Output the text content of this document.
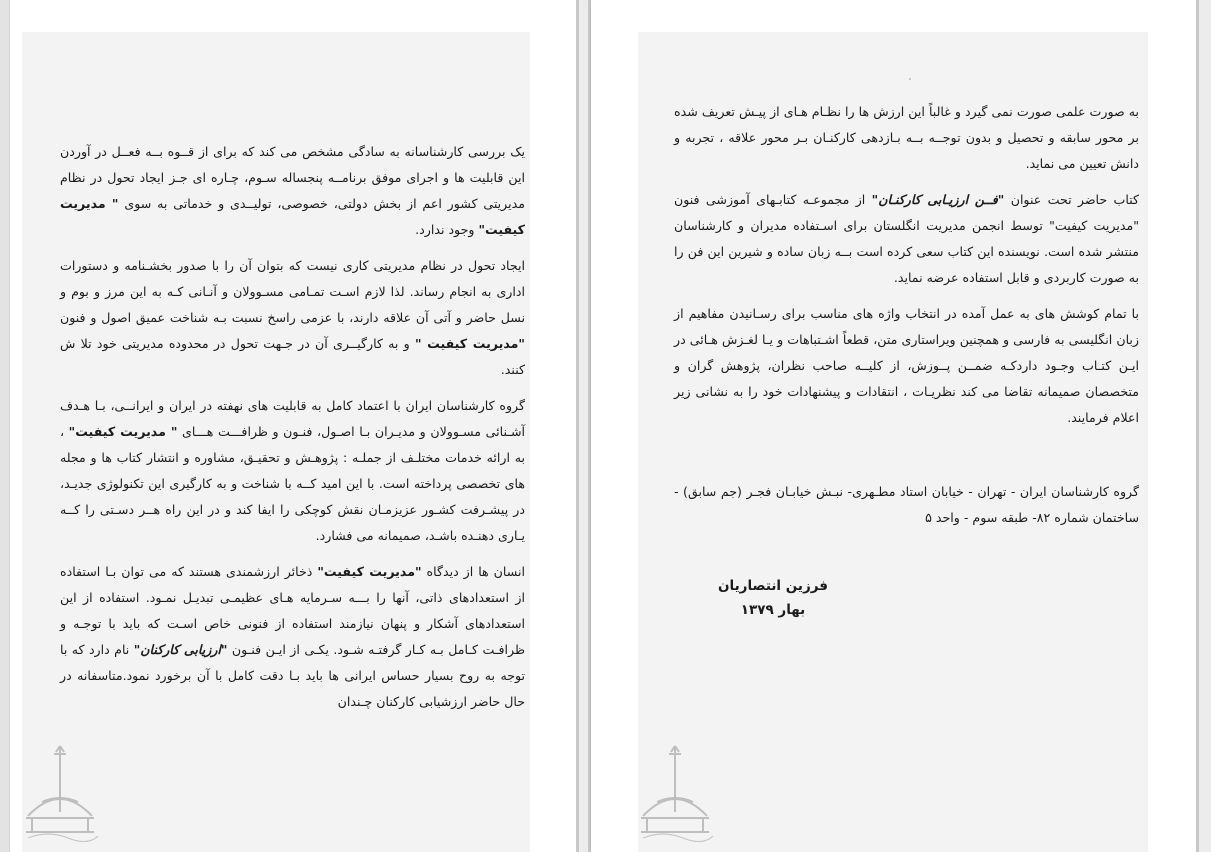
یک بررسی کارشناسانه به سادگی مشخص می کند که برای از قــوه بــه فعــل در آوردن این قابلیت ها و اجرای موفق برنامــه پنجساله سـوم، چـاره ای جـز ایجاد تحول در نظام مدیریتی کشور اعم از بخش دولتی، خصوصی، تولیــدی و خدماتی به سوی " مدیریت کیفیت" وجود ندارد.

ایجاد تحول در نظام مدیریتی کاری نیست که بتوان آن را با صدور بخشـنامه و دستورات اداری به انجام رساند. لذا لازم اسـت تمـامی مسـوولان و آنـانی کـه به این مرز و بوم و نسل حاضر و آتی آن علاقه دارند، با عزمی راسخ نسبت بـه شناخت عمیق اصول و فنون "مدیریت کیفیت " و به کارگیــری آن در جـهت تحول در محدوده مدیریتی خود تلا ش کنند.

گروه کارشناسان ایران با اعتماد کامل به قابلیت های نهفته در ایران و ایرانــی، بـا هـدف آشـنائی مسـوولان و مدیـران بـا اصـول، فنـون و ظرافـــت هـــای " مدیریت کیفیت" ، به ارائه خدمات مختلـف از جملـه : پژوهـش و تحقیـق، مشاوره و انتشار کتاب ها و مجله های تخصصی پرداخته است. با این امید کــه با شناخت و به کارگیری این تکنولوژی جدیـد، در پیشـرفت کشـور عزیزمـان نقش کوچکی را ایفا کند و در این راه هــر دسـتی را کــه یـاری دهنـده باشـد، صمیمانه می فشارد.

انسان ها از دیدگاه "مدیریت کیفیت" ذخائر ارزشمندی هستند که می توان بـا استفاده از استعدادهای ذاتی، آنها را بـــه سـرمایه هـای عظیمـی تبدیـل نمـود. استفاده از این استعدادهای آشکار و پنهان نیازمند استفاده از فنونی خاص اسـت که باید با توجـه و ظرافـت کـامل بـه کـار گرفتـه شـود. یکـی از ایـن فنـون "ارزیابی کارکنان" نام دارد که با توجه به روح بسیار حساس ایرانی ها باید بـا دقت کامل با آن برخورد نمود.متاسفانه در حال حاضر ارزشیابی کارکنان چـندان

به صورت علمی صورت نمی گیرد و غالباً این ارزش ها را نظـام هـای از پیـش تعریف شده بر محور سابقه و تحصیل و بدون توجــه بــه بـازدهی کارکنـان بـر محور علاقه ، تجربه و دانش تعیین می نماید.

کتاب حاضر تحت عنوان "فــن ارزیـابی کارکنـان" از مجموعـه کتابـهای آموزشی فنون "مدیریت کیفیت" توسط انجمن مدیریت انگلستان برای اسـتفاده مدیران و کارشناسان منتشر شده است. نویسنده این کتاب سعی کرده است بــه زبان ساده و شیرین این فن را به صورت کاربردی و قابل استفاده عرضه نماید.

با تمام کوشش های به عمل آمده در انتخاب واژه های مناسب برای رسـانیدن مفاهیم از زبان انگلیسی به فارسی و همچنین ویراستاری متن، قطعاً اشـتباهات و یـا لغـزش هـائی در ایـن کتـاب وجـود داردکـه ضمــن پــوزش، از کلیــه صاحب نظران، پژوهش گران و متخصصان صمیمانه تقاضا می کند نظریـات ، انتقادات و پیشنهادات خود را به نشانی زیر اعلام فرمایند.

گروه کارشناسان ایران - تهران - خیابان استاد مطـهری- نبـش خیابـان فجـر (جم سابق) - ساختمان شماره ۸۲- طبقه سوم - واحد ۵

فرزین انتصاریان
بهار ۱۳۷۹
